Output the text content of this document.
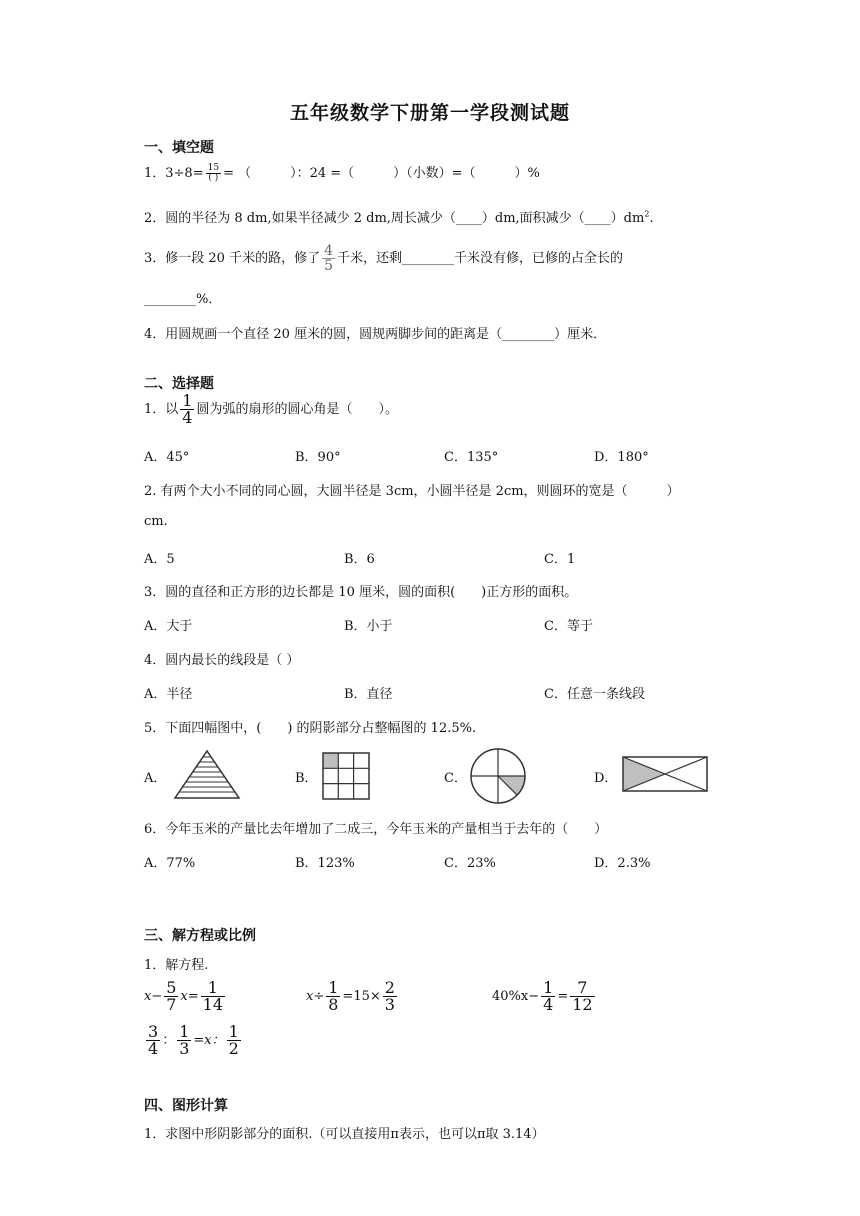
五年级数学下册第一学段测试题
一、填空题
1．$3\div 8= \frac{15}{( )}$ = （　　　）：24 =（　　　）（小数）=（　　　）%
2．圆的半径为 8 dm,如果半径减少 2 dm,周长减少（____）dm,面积减少$(\_\_\_\_)dm^2$.
3．修一段 20 千米的路，修了 $\frac{4}{5}$ 千米，还剩________千米没有修，已修的占全长的
________%．
4．用圆规画一个直径 20 厘米的圆，圆规两脚步间的距离是（________）厘米．
二、选择题
1．以 $\frac{1}{4}$ 圆为弧的扇形的圆心角是（　　）。
A．45°	B．90°	C．135°	D．180°
2. 有两个大小不同的同心圆，大圆半径是 3cm，小圆半径是 2cm，则圆环的宽是（　　　）
cm.
A．5	B．6	C．1
3．圆的直径和正方形的边长都是 10 厘米，圆的面积(　　)正方形的面积。
A．大于	B．小于	C．等于
4．圆内最长的线段是（ ）
A．半径	B．直径	C．任意一条线段
5．下面四幅图中，(　　) 的阴影部分占整幅图的 12.5%.
A．	B．	C．	D．
6．今年玉米的产量比去年增加了二成三，今年玉米的产量相当于去年的（　　）
A．77%	B．123%	C．23%	D．2.3%
三、解方程或比例
1．解方程.
$x- \frac{5}{7} x= \frac{1}{14}$	$x\div \frac{1}{8} =15\times \frac{2}{3}$	$40\%x- \frac{1}{4} = \frac{7}{12}$
$\frac{3}{4}$ ： $\frac{1}{3} =x$： $\frac{1}{2}$
四、图形计算
1．求图中形阴影部分的面积.（可以直接用π表示，也可以π取 3.14）
